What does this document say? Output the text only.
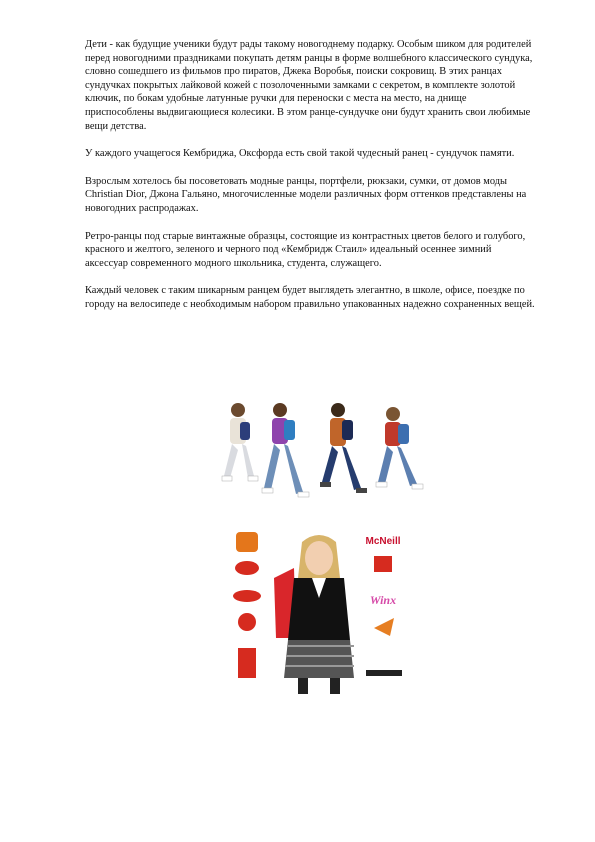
Дети - как будущие ученики будут рады такому новогоднему подарку. Особым шиком для родителей перед новогодними праздниками покупать детям ранцы в форме волшебного классического сундука, словно сошедшего из фильмов про пиратов, Джека Воробья, поиски сокровищ. В этих ранцах сундучках покрытых лайковой кожей с позолоченными замками с секретом, в комплекте золотой ключик, по бокам удобные латунные ручки для переноски с места на место, на днище приспособлены выдвигающиеся колесики. В этом ранце-сундучке они будут хранить свои любимые вещи детства.

У каждого учащегося Кембриджа, Оксфорда есть свой такой чудесный ранец - сундучок памяти.

Взрослым хотелось бы посоветовать модные ранцы, портфели, рюкзаки, сумки, от домов моды Christian Dior, Джона Гальяно, многочисленные модели различных форм оттенков представлены на новогодних распродажах.

Ретро-ранцы под старые винтажные образцы, состоящие из контрастных цветов белого и голубого, красного и желтого, зеленого и черного под «Кембридж Стаил» идеальный осеннее зимний аксессуар современного модного школьника, студента, служащего.

Каждый человек с таким шикарным ранцем будет выглядеть элегантно, в школе, офисе, поездке по городу на велосипеде с необходимым набором правильно упакованных надежно сохраненных вещей.

McNeill
Winx
